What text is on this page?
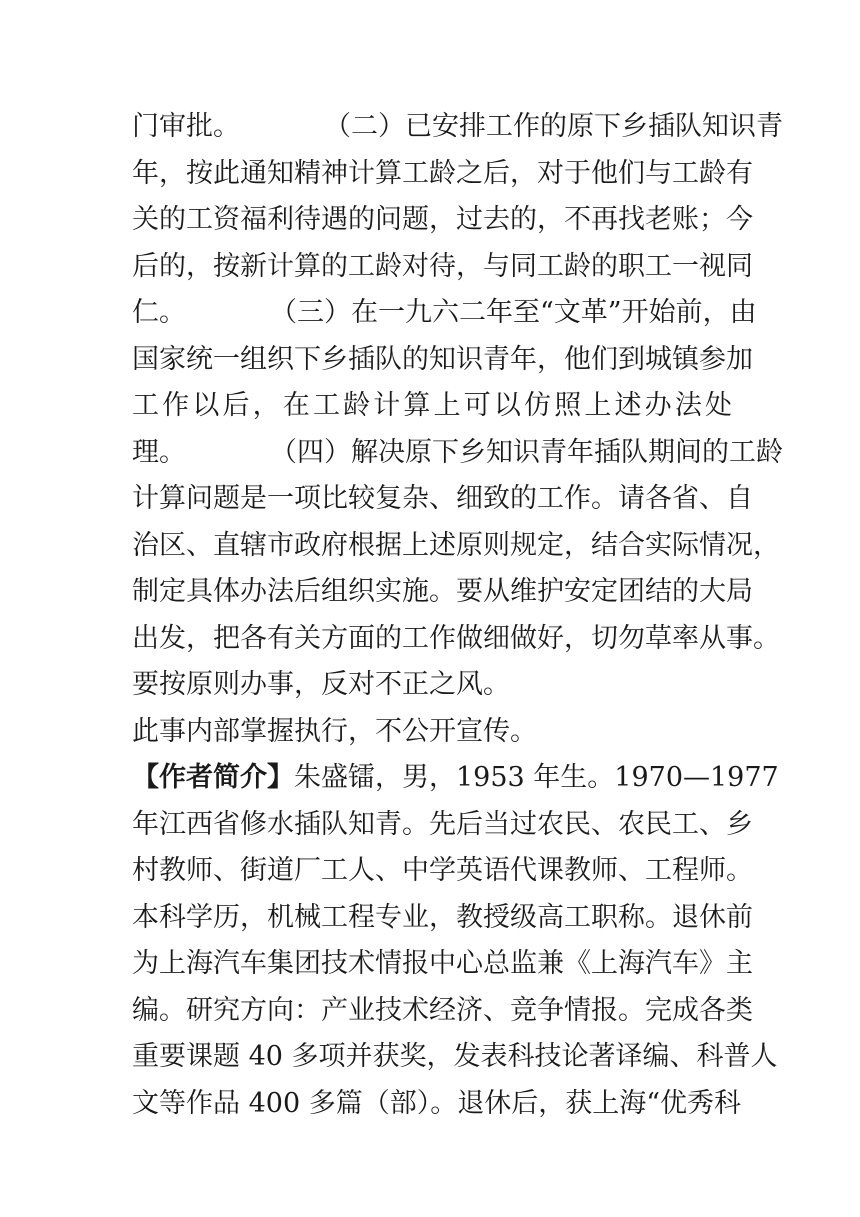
门审批。	（二）已安排工作的原下乡插队知识青
年，按此通知精神计算工龄之后，对于他们与工龄有
关的工资福利待遇的问题，过去的，不再找老账；今
后的，按新计算的工龄对待，与同工龄的职工一视同
仁。	（三）在一九六二年至“文革”开始前，由
国家统一组织下乡插队的知识青年，他们到城镇参加
工作以后，在工龄计算上可以仿照上述办法处
理。	（四）解决原下乡知识青年插队期间的工龄
计算问题是一项比较复杂、细致的工作。请各省、自
治区、直辖市政府根据上述原则规定，结合实际情况，
制定具体办法后组织实施。要从维护安定团结的大局
出发，把各有关方面的工作做细做好，切勿草率从事。
要按原则办事，反对不正之风。
此事内部掌握执行，不公开宣传。
【作者简介】朱盛镭，男，1953 年生。1970—1977
年江西省修水插队知青。先后当过农民、农民工、乡
村教师、街道厂工人、中学英语代课教师、工程师。
本科学历，机械工程专业，教授级高工职称。退休前
为上海汽车集团技术情报中心总监兼《上海汽车》主
编。研究方向：产业技术经济、竞争情报。完成各类
重要课题 40 多项并获奖，发表科技论著译编、科普人
文等作品 400 多篇（部）。退休后，获上海“优秀科
